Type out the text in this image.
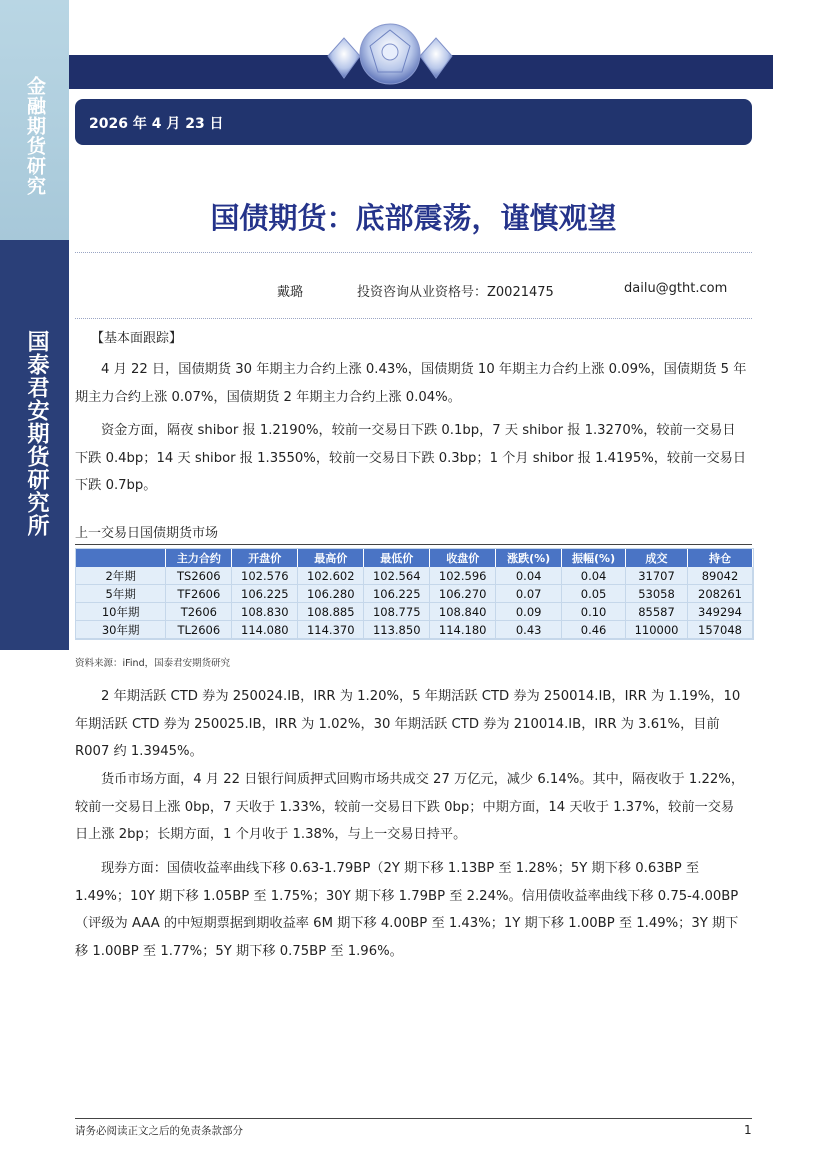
金融期货研究
国泰君安期货研究所
2026 年 4 月 23 日
国债期货：底部震荡，谨慎观望
戴璐	投资咨询从业资格号：Z0021475	dailu@gtht.com
【基本面跟踪】
4 月 22 日，国债期货 30 年期主力合约上涨 0.43%，国债期货 10 年期主力合约上涨 0.09%，国债期货 5 年期主力合约上涨 0.07%，国债期货 2 年期主力合约上涨 0.04%。
资金方面，隔夜 shibor 报 1.2190%，较前一交易日下跌 0.1bp，7 天 shibor 报 1.3270%，较前一交易日下跌 0.4bp；14 天 shibor 报 1.3550%，较前一交易日下跌 0.3bp；1 个月 shibor 报 1.4195%，较前一交易日下跌 0.7bp。
上一交易日国债期货市场
	主力合约	开盘价	最高价	最低价	收盘价	涨跌(%)	振幅(%)	成交	持仓
2年期	TS2606	102.576	102.602	102.564	102.596	0.04	0.04	31707	89042
5年期	TF2606	106.225	106.280	106.225	106.270	0.07	0.05	53058	208261
10年期	T2606	108.830	108.885	108.775	108.840	0.09	0.10	85587	349294
30年期	TL2606	114.080	114.370	113.850	114.180	0.43	0.46	110000	157048
资料来源：iFind，国泰君安期货研究
2 年期活跃 CTD 券为 250024.IB，IRR 为 1.20%，5 年期活跃 CTD 券为 250014.IB，IRR 为 1.19%，10 年期活跃 CTD 券为 250025.IB，IRR 为 1.02%，30 年期活跃 CTD 券为 210014.IB，IRR 为 3.61%，目前 R007 约 1.3945%。
货币市场方面，4 月 22 日银行间质押式回购市场共成交 27 万亿元，减少 6.14%。其中，隔夜收于 1.22%，较前一交易日上涨 0bp，7 天收于 1.33%，较前一交易日下跌 0bp；中期方面，14 天收于 1.37%，较前一交易日上涨 2bp；长期方面，1 个月收于 1.38%，与上一交易日持平。
现券方面：国债收益率曲线下移 0.63-1.79BP（2Y 期下移 1.13BP 至 1.28%；5Y 期下移 0.63BP 至 1.49%；10Y 期下移 1.05BP 至 1.75%；30Y 期下移 1.79BP 至 2.24%。信用债收益率曲线下移 0.75-4.00BP（评级为 AAA 的中短期票据到期收益率 6M 期下移 4.00BP 至 1.43%；1Y 期下移 1.00BP 至 1.49%；3Y 期下移 1.00BP 至 1.77%；5Y 期下移 0.75BP 至 1.96%。
请务必阅读正文之后的免责条款部分	1
